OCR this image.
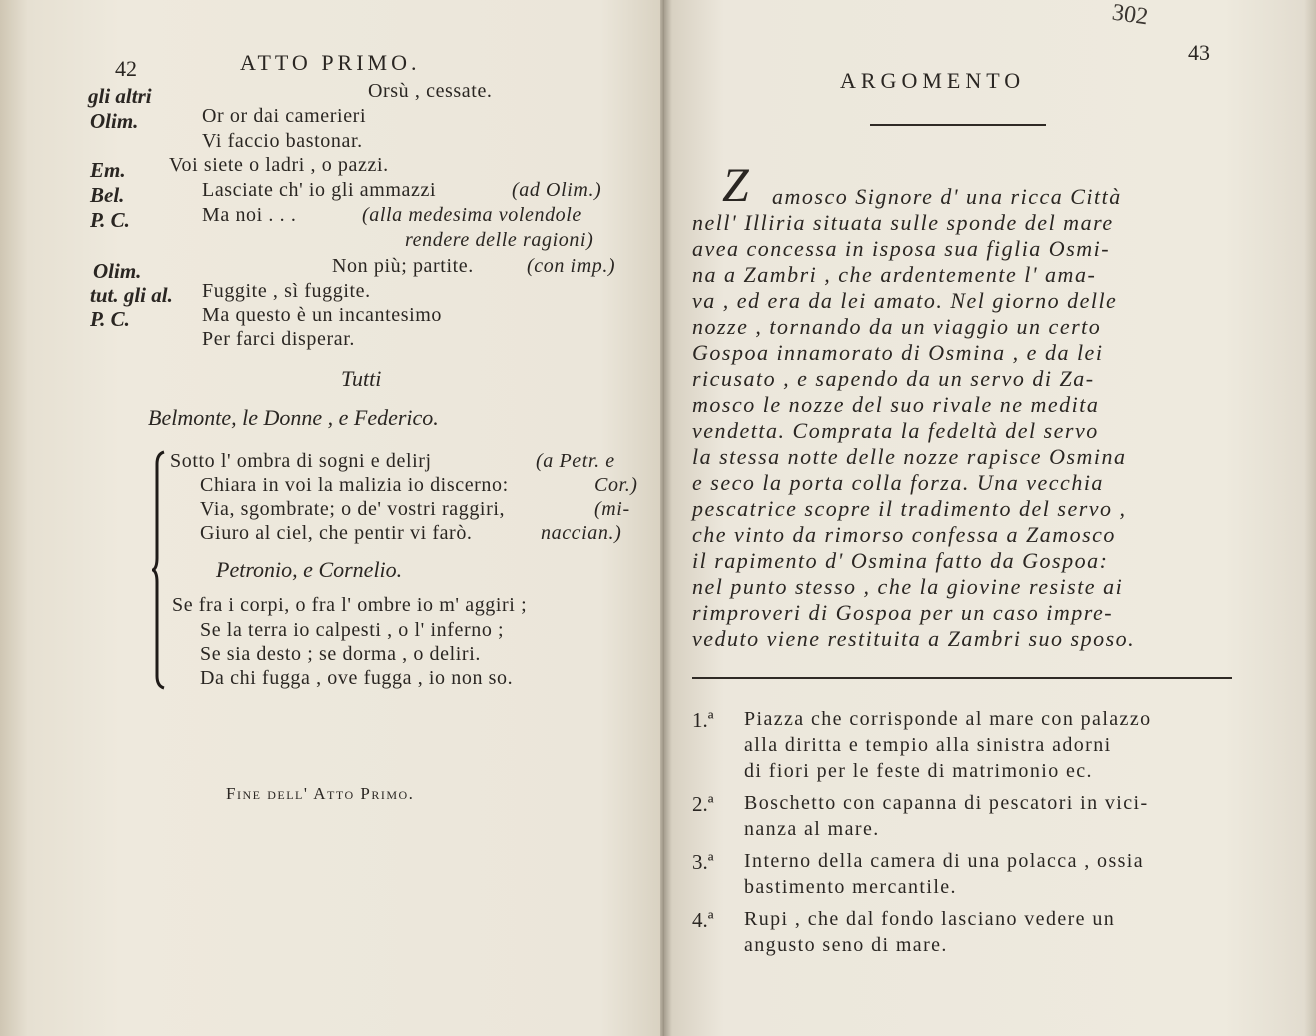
42	ATTO PRIMO.
gli altri	Orsù , cessate.
Olim.	Or or dai camerieri
Vi faccio bastonar.
Em. Voi siete o ladri , o pazzi.
Bel.	Lasciate ch' io gli ammazzi	(ad Olim.)
P. C.	Ma noi . . .	(alla medesima volendole
rendere delle ragioni)
Olim.	Non più; partite.	(con imp.)
tut. gli al. Fuggite , sì fuggite.
P. C.	Ma questo è un incantesimo
Per farci disperar.
Tutti
Belmonte, le Donne , e Federico.
Sotto l' ombra di sogni e delirj	(a Petr. e
Chiara in voi la malizia io discerno:	Cor.)
Via, sgombrate; o de' vostri raggiri,	(mi-
Giuro al ciel, che pentir vi farò.	naccian.)
Petronio, e Cornelio.
Se fra i corpi, o fra l' ombre io m' aggiri ;
Se la terra io calpesti , o l' inferno ;
Se sia desto ; se dorma , o deliri.
Da chi fugga , ove fugga , io non so.
Fine dell' Atto Primo.
302
43
ARGOMENTO
Z amosco Signore d' una ricca Città
nell' Illiria situata sulle sponde del mare
avea concessa in isposa sua figlia Osmi-
na a Zambri , che ardentemente l' ama-
va , ed era da lei amato. Nel giorno delle
nozze , tornando da un viaggio un certo
Gospoa innamorato di Osmina , e da lei
ricusato , e sapendo da un servo di Za-
mosco le nozze del suo rivale ne medita
vendetta. Comprata la fedeltà del servo
la stessa notte delle nozze rapisce Osmina
e seco la porta colla forza. Una vecchia
pescatrice scopre il tradimento del servo ,
che vinto da rimorso confessa a Zamosco
il rapimento d' Osmina fatto da Gospoa:
nel punto stesso , che la giovine resiste ai
rimproveri di Gospoa per un caso impre-
veduto viene restituita a Zambri suo sposo.
1.ª Piazza che corrisponde al mare con palazzo
alla diritta e tempio alla sinistra adorni
di fiori per le feste di matrimonio ec.
2.ª Boschetto con capanna di pescatori in vici-
nanza al mare.
3.ª Interno della camera di una polacca , ossia
bastimento mercantile.
4.ª Rupi , che dal fondo lasciano vedere un
angusto seno di mare.
